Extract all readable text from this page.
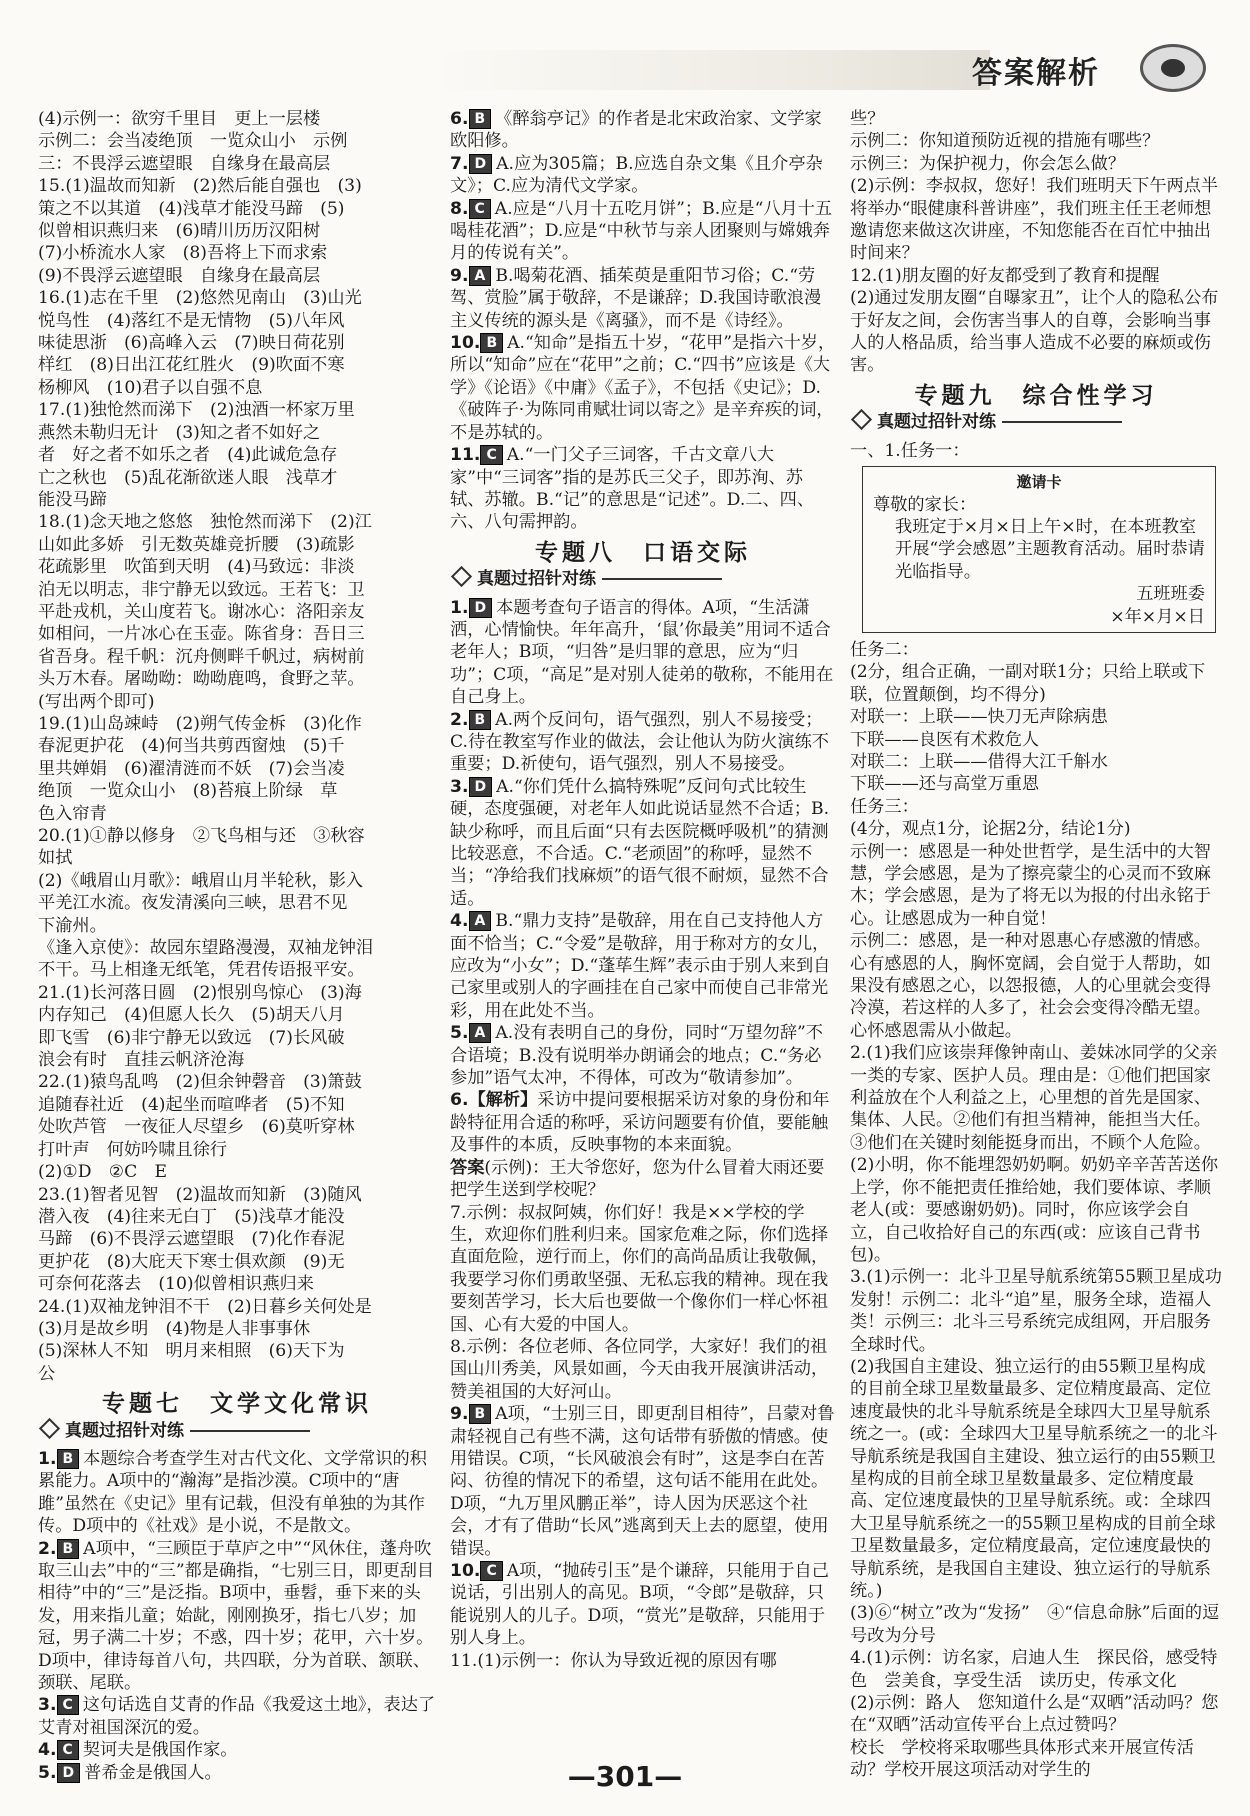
答案解析

(4)示例一：欲穷千里目　更上一层楼

示例二：会当凌绝顶　一览众山小　示例

三：不畏浮云遮望眼　自缘身在最高层

15.(1)温故而知新　(2)然后能自强也　(3)

策之不以其道　(4)浅草才能没马蹄　(5)

似曾相识燕归来　(6)晴川历历汉阳树

(7)小桥流水人家　(8)吾将上下而求索

(9)不畏浮云遮望眼　自缘身在最高层

16.(1)志在千里　(2)悠然见南山　(3)山光

悦鸟性　(4)落红不是无情物　(5)八年风

味徒思浙　(6)高峰入云　(7)映日荷花别

样红　(8)日出江花红胜火　(9)吹面不寒

杨柳风　(10)君子以自强不息

17.(1)独怆然而涕下　(2)浊酒一杯家万里

燕然未勒归无计　(3)知之者不如好之

者　好之者不如乐之者　(4)此诚危急存

亡之秋也　(5)乱花渐欲迷人眼　浅草才

能没马蹄

18.(1)念天地之悠悠　独怆然而涕下　(2)江

山如此多娇　引无数英雄竞折腰　(3)疏影

花疏影里　吹笛到天明　(4)马致远：非淡

泊无以明志，非宁静无以致远。王若飞：卫

平赴戎机，关山度若飞。谢冰心：洛阳亲友

如相问，一片冰心在玉壶。陈省身：吾日三

省吾身。程千帆：沉舟侧畔千帆过，病树前

头万木春。屠呦呦：呦呦鹿鸣，食野之苹。

(写出两个即可)

19.(1)山岛竦峙　(2)朔气传金柝　(3)化作

春泥更护花　(4)何当共剪西窗烛　(5)千

里共婵娟　(6)濯清涟而不妖　(7)会当凌

绝顶　一览众山小　(8)苔痕上阶绿　草

色入帘青

20.(1)①静以修身　②飞鸟相与还　③秋容

如拭

(2)《峨眉山月歌》：峨眉山月半轮秋，影入

平羌江水流。夜发清溪向三峡，思君不见

下渝州。

《逢入京使》：故园东望路漫漫，双袖龙钟泪

不干。马上相逢无纸笔，凭君传语报平安。

21.(1)长河落日圆　(2)恨别鸟惊心　(3)海

内存知己　(4)但愿人长久　(5)胡天八月

即飞雪　(6)非宁静无以致远　(7)长风破

浪会有时　直挂云帆济沧海

22.(1)猿鸟乱鸣　(2)但余钟磬音　(3)箫鼓

追随春社近　(4)起坐而喧哗者　(5)不知

处吹芦管　一夜征人尽望乡　(6)莫听穿林

打叶声　何妨吟啸且徐行

(2)①D　②C　E

23.(1)智者见智　(2)温故而知新　(3)随风

潜入夜　(4)往来无白丁　(5)浅草才能没

马蹄　(6)不畏浮云遮望眼　(7)化作春泥

更护花　(8)大庇天下寒士俱欢颜　(9)无

可奈何花落去　(10)似曾相识燕归来

24.(1)双袖龙钟泪不干　(2)日暮乡关何处是

(3)月是故乡明　(4)物是人非事事休

(5)深林人不知　明月来相照　(6)天下为

公

专题七　文学文化常识
真题过招针对练

1. B 本题综合考查学生对古代文化、文学常识的积累能力。A项中的“瀚海”是指沙漠。C项中的“唐雎”虽然在《史记》里有记载，但没有单独的为其作传。D项中的《社戏》是小说，不是散文。

2. B A项中，“三顾臣于草庐之中”“风休住，蓬舟吹取三山去”中的“三”都是确指，“七别三日，即更刮目相待”中的“三”是泛指。B项中，垂髫，垂下来的头发，用来指儿童；始龀，刚刚换牙，指七八岁；加冠，男子满二十岁；不惑，四十岁；花甲，六十岁。D项中，律诗每首八句，共四联，分为首联、颔联、颈联、尾联。

3. C 这句话选自艾青的作品《我爱这土地》，表达了艾青对祖国深沉的爱。

4. C 契诃夫是俄国作家。

5. D 普希金是俄国人。

6. B 《醉翁亭记》的作者是北宋政治家、文学家欧阳修。

7. D A.应为305篇；B.应选自杂文集《且介亭杂文》；C.应为清代文学家。

8. C A.应是“八月十五吃月饼”；B.应是“八月十五喝桂花酒”；D.应是“中秋节与亲人团聚则与嫦娥奔月的传说有关”。

9. A B.喝菊花酒、插茱萸是重阳节习俗；C.“劳驾、赏脸”属于敬辞，不是谦辞；D.我国诗歌浪漫主义传统的源头是《离骚》，而不是《诗经》。

10. B A.“知命”是指五十岁，“花甲”是指六十岁，所以“知命”应在“花甲”之前；C.“四书”应该是《大学》《论语》《中庸》《孟子》，不包括《史记》；D.《破阵子·为陈同甫赋壮词以寄之》是辛弃疾的词，不是苏轼的。

11. C A.“一门父子三词客，千古文章八大家”中“三词客”指的是苏氏三父子，即苏洵、苏轼、苏辙。B.“记”的意思是“记述”。D.二、四、六、八句需押韵。

专题八　口语交际
真题过招针对练

1. D 本题考查句子语言的得体。A项，“生活潇洒，心情愉快。年年高升，‘鼠’你最美”用词不适合老年人；B项，“归咎”是归罪的意思，应为“归功”；C项，“高足”是对别人徒弟的敬称，不能用在自己身上。

2. B A.两个反问句，语气强烈，别人不易接受；C.待在教室写作业的做法，会让他认为防火演练不重要；D.祈使句，语气强烈，别人不易接受。

3. D A.“你们凭什么搞特殊呢”反问句式比较生硬，态度强硬，对老年人如此说话显然不合适；B.缺少称呼，而且后面“只有去医院概呼吸机”的猜测比较恶意，不合适。C.“老顽固”的称呼，显然不当；“净给我们找麻烦”的语气很不耐烦，显然不合适。

4. A B.“鼎力支持”是敬辞，用在自己支持他人方面不恰当；C.“令爱”是敬辞，用于称对方的女儿，应改为“小女”；D.“蓬荜生辉”表示由于别人来到自己家里或别人的字画挂在自己家中而使自己非常光彩，用在此处不当。

5. A A.没有表明自己的身份，同时“万望勿辞”不合语境；B.没有说明举办朗诵会的地点；C.“务必参加”语气太冲，不得体，可改为“敬请参加”。

6.【解析】采访中提问要根据采访对象的身份和年龄特征用合适的称呼，采访问题要有价值，要能触及事件的本质，反映事物的本来面貌。

答案(示例)：王大爷您好，您为什么冒着大雨还要把学生送到学校呢？

7.示例：叔叔阿姨，你们好！我是××学校的学生，欢迎你们胜利归来。国家危难之际，你们选择直面危险，逆行而上，你们的高尚品质让我敬佩，我要学习你们勇敢坚强、无私忘我的精神。现在我要刻苦学习，长大后也要做一个像你们一样心怀祖国、心有大爱的中国人。

8.示例：各位老师、各位同学，大家好！我们的祖国山川秀美，风景如画，今天由我开展演讲活动，赞美祖国的大好河山。

9. B A项，“士别三日，即更刮目相待”，吕蒙对鲁肃轻视自己有些不满，这句话带有骄傲的情感。使用错误。C项，“长风破浪会有时”，这是李白在苦闷、彷徨的情况下的希望，这句话不能用在此处。D项，“九万里风鹏正举”，诗人因为厌恶这个社会，才有了借助“长风”逃离到天上去的愿望，使用错误。

10. C A项，“抛砖引玉”是个谦辞，只能用于自己说话，引出别人的高见。B项，“令郎”是敬辞，只能说别人的儿子。D项，“赏光”是敬辞，只能用于别人身上。

11.(1)示例一：你认为导致近视的原因有哪

些？

示例二：你知道预防近视的措施有哪些？

示例三：为保护视力，你会怎么做？

(2)示例：李叔叔，您好！我们班明天下午两点半将举办“眼健康科普讲座”，我们班主任王老师想邀请您来做这次讲座，不知您能否在百忙中抽出时间来？

12.(1)朋友圈的好友都受到了教育和提醒

(2)通过发朋友圈“自曝家丑”，让个人的隐私公布于好友之间，会伤害当事人的自尊，会影响当事人的人格品质，给当事人造成不必要的麻烦或伤害。

专题九　综合性学习
真题过招针对练

一、1.任务一：

邀请卡
尊敬的家长：
我班定于×月×日上午×时，在本班教室开展“学会感恩”主题教育活动。届时恭请光临指导。
五班班委
×年×月×日

任务二：

(2分，组合正确，一副对联1分；只给上联或下联，位置颠倒，均不得分)

对联一：上联——快刀无声除病患

下联——良医有术救危人

对联二：上联——借得大江千斛水

下联——还与高堂万重恩

任务三：

(4分，观点1分，论据2分，结论1分)

示例一：感恩是一种处世哲学，是生活中的大智慧，学会感恩，是为了擦亮蒙尘的心灵而不致麻木；学会感恩，是为了将无以为报的付出永铭于心。让感恩成为一种自觉！

示例二：感恩，是一种对恩惠心存感激的情感。心有感恩的人，胸怀宽阔，会自觉于人帮助，如果没有感恩之心，以怨报德，人的心里就会变得冷漠，若这样的人多了，社会会变得冷酷无望。心怀感恩需从小做起。

2.(1)我们应该崇拜像钟南山、姜妹冰同学的父亲一类的专家、医护人员。理由是：①他们把国家利益放在个人利益之上，心里想的首先是国家、集体、人民。②他们有担当精神，能担当大任。③他们在关键时刻能挺身而出，不顾个人危险。

(2)小明，你不能埋怨奶奶啊。奶奶辛辛苦苦送你上学，你不能把责任推给她，我们要体谅、孝顺老人(或：要感谢奶奶)。同时，你应该学会自立，自己收拾好自己的东西(或：应该自己背书包)。

3.(1)示例一：北斗卫星导航系统第55颗卫星成功发射！示例二：北斗“追”星，服务全球，造福人类！示例三：北斗三号系统完成组网，开启服务全球时代。

(2)我国自主建设、独立运行的由55颗卫星构成的目前全球卫星数量最多、定位精度最高、定位速度最快的北斗导航系统是全球四大卫星导航系统之一。(或：全球四大卫星导航系统之一的北斗导航系统是我国自主建设、独立运行的由55颗卫星构成的目前全球卫星数量最多、定位精度最高、定位速度最快的卫星导航系统。或：全球四大卫星导航系统之一的55颗卫星构成的目前全球卫星数量最多，定位精度最高，定位速度最快的导航系统，是我国自主建设、独立运行的导航系统。)

(3)⑥“树立”改为“发扬”　④“信息命脉”后面的逗号改为分号

4.(1)示例：访名家，启迪人生　探民俗，感受特色　尝美食，享受生活　读历史，传承文化

(2)示例：路人　您知道什么是“双晒”活动吗？您在“双晒”活动宣传平台上点过赞吗？

校长　学校将采取哪些具体形式来开展宣传活动？学校开展这项活动对学生的

—301—
